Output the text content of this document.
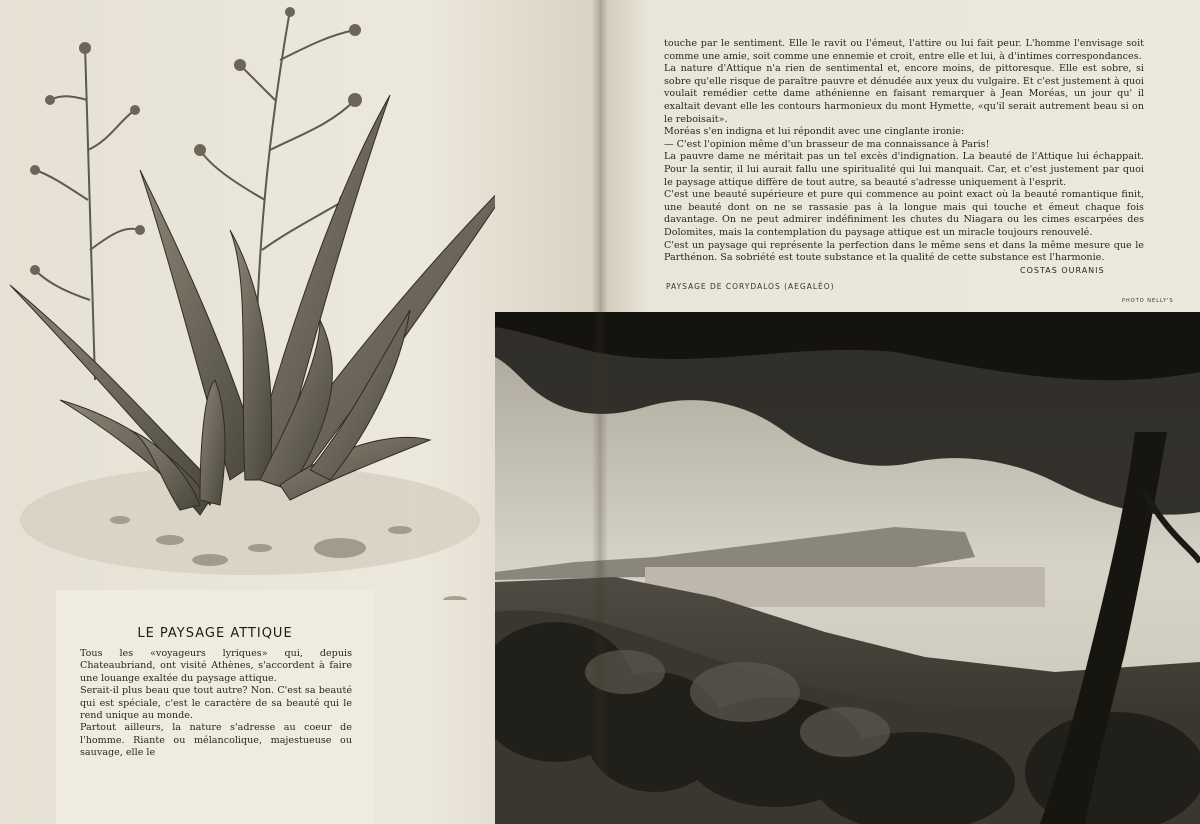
LE PAYSAGE ATTIQUE

Tous les «voyageurs lyriques» qui, depuis Chateaubriand, ont visité Athènes, s'accordent à faire une louange exaltée du paysage attique.

Serait-il plus beau que tout autre? Non. C'est sa beauté qui est spéciale, c'est le caractère de sa beauté qui le rend unique au monde.

Partout ailleurs, la nature s'adresse au coeur de l'homme. Riante ou mélancolique, majestueuse ou sauvage, elle le

touche par le sentiment. Elle le ravit ou l'émeut, l'attire ou lui fait peur. L'homme l'envisage soit comme une amie, soit comme une ennemie et croit, entre elle et lui, à d'intimes correspondances.

La nature d'Attique n'a rien de sentimental et, encore moins, de pittoresque. Elle est sobre, si sobre qu'elle risque de paraître pauvre et dénudée aux yeux du vulgaire. Et c'est justement à quoi voulait remédier cette dame athénienne en faisant remarquer à Jean Moréas, un jour qu' il exaltait devant elle les contours harmonieux du mont Hymette, «qu'il serait autrement beau si on le reboisait».

Moréas s'en indigna et lui répondit avec une cinglante ironie:

— C'est l'opinion même d'un brasseur de ma connaissance à Paris!

La pauvre dame ne méritait pas un tel excès d'indignation. La beauté de l'Attique lui échappait. Pour la sentir, il lui aurait fallu une spiritualité qui lui manquait. Car, et c'est justement par quoi le paysage attique diffère de tout autre, sa beauté s'adresse uniquement à l'esprit.

C'est une beauté supérieure et pure qui commence au point exact où la beauté romantique finit, une beauté dont on ne se rassasie pas à la longue mais qui touche et émeut chaque fois davantage. On ne peut admirer indéfiniment les chutes du Niagara ou les cimes escarpées des Dolomites, mais la contemplation du paysage attique est un miracle toujours renouvelé.

C'est un paysage qui représente la perfection dans le même sens et dans la même mesure que le Parthénon. Sa sobriété est toute substance et la qualité de cette substance est l'harmonie.

COSTAS OURANIS
PAYSAGE DE CORYDALOS (AEGALÉO)
PHOTO NELLY'S
